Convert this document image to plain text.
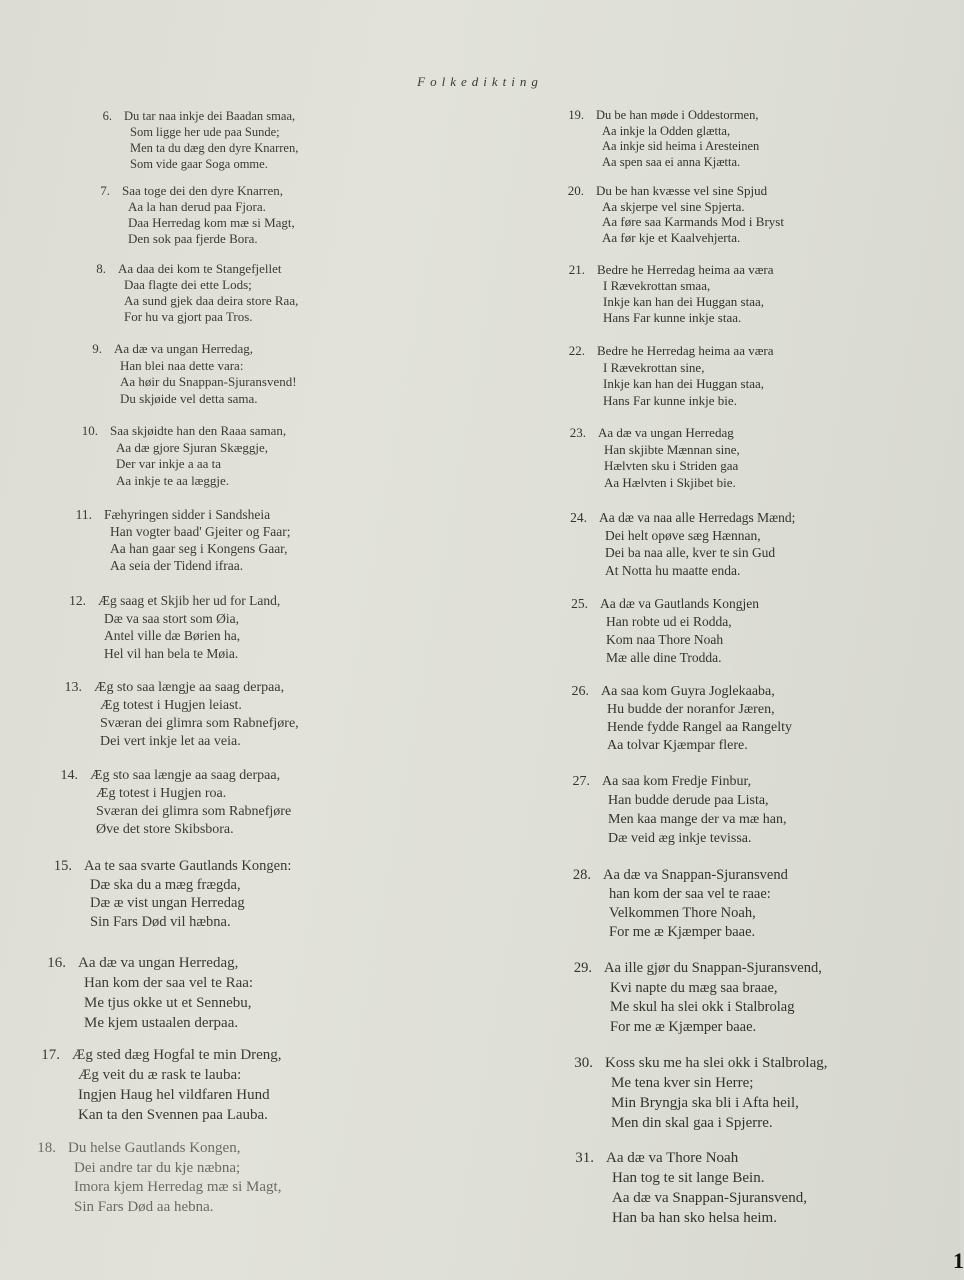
Folkedikting
6. Du tar naa inkje dei Baadan smaa,
Som ligge her ude paa Sunde;
Men ta du dæg den dyre Knarren,
Som vide gaar Soga omme.
7. Saa toge dei den dyre Knarren,
Aa la han derud paa Fjora.
Daa Herredag kom mæ si Magt,
Den sok paa fjerde Bora.
8. Aa daa dei kom te Stangefjellet
Daa flagte dei ette Lods;
Aa sund gjek daa deira store Raa,
For hu va gjort paa Tros.
9. Aa dæ va ungan Herredag,
Han blei naa dette vara:
Aa høir du Snappan-Sjuransvend!
Du skjøide vel detta sama.
10. Saa skjøidte han den Raaa saman,
Aa dæ gjore Sjuran Skæggje,
Der var inkje a aa ta
Aa inkje te aa læggje.
11. Fæhyringen sidder i Sandsheia
Han vogter baad' Gjeiter og Faar;
Aa han gaar seg i Kongens Gaar,
Aa seia der Tidend ifraa.
12. Æg saag et Skjib her ud for Land,
Dæ va saa stort som Øia,
Antel ville dæ Børien ha,
Hel vil han bela te Møia.
13. Æg sto saa længje aa saag derpaa,
Æg totest i Hugjen leiast.
Sværan dei glimra som Rabnefjøre,
Dei vert inkje let aa veia.
14. Æg sto saa længje aa saag derpaa,
Æg totest i Hugjen roa.
Sværan dei glimra som Rabnefjøre
Øve det store Skibsbora.
15. Aa te saa svarte Gautlands Kongen:
Dæ ska du a mæg frægda,
Dæ æ vist ungan Herredag
Sin Fars Død vil hæbna.
16. Aa dæ va ungan Herredag,
Han kom der saa vel te Raa:
Me tjus okke ut et Sennebu,
Me kjem ustaalen derpaa.
17. Æg sted dæg Hogfal te min Dreng,
Æg veit du æ rask te lauba:
Ingjen Haug hel vildfaren Hund
Kan ta den Svennen paa Lauba.
18. Du helse Gautlands Kongen,
Dei andre tar du kje næbna;
Imora kjem Herredag mæ si Magt,
Sin Fars Død aa hebna.
19. Du be han møde i Oddestormen,
Aa inkje la Odden glætta,
Aa inkje sid heima i Aresteinen
Aa spen saa ei anna Kjætta.
20. Du be han kvæsse vel sine Spjud
Aa skjerpe vel sine Spjerta.
Aa føre saa Karmands Mod i Bryst
Aa før kje et Kaalvehjerta.
21. Bedre he Herredag heima aa væra
I Rævekrottan smaa,
Inkje kan han dei Huggan staa,
Hans Far kunne inkje staa.
22. Bedre he Herredag heima aa væra
I Rævekrottan sine,
Inkje kan han dei Huggan staa,
Hans Far kunne inkje bie.
23. Aa dæ va ungan Herredag
Han skjibte Mænnan sine,
Hælvten sku i Striden gaa
Aa Hælvten i Skjibet bie.
24. Aa dæ va naa alle Herredags Mænd;
Dei helt opøve sæg Hænnan,
Dei ba naa alle, kver te sin Gud
At Notta hu maatte enda.
25. Aa dæ va Gautlands Kongjen
Han robte ud ei Rodda,
Kom naa Thore Noah
Mæ alle dine Trodda.
26. Aa saa kom Guyra Joglekaaba,
Hu budde der noranfor Jæren,
Hende fydde Rangel aa Rangelty
Aa tolvar Kjæmpar flere.
27. Aa saa kom Fredje Finbur,
Han budde derude paa Lista,
Men kaa mange der va mæ han,
Dæ veid æg inkje tevissa.
28. Aa dæ va Snappan-Sjuransvend
han kom der saa vel te raae:
Velkommen Thore Noah,
For me æ Kjæmper baae.
29. Aa ille gjør du Snappan-Sjuransvend,
Kvi napte du mæg saa braae,
Me skul ha slei okk i Stalbrolag
For me æ Kjæmper baae.
30. Koss sku me ha slei okk i Stalbrolag,
Me tena kver sin Herre;
Min Bryngja ska bli i Afta heil,
Men din skal gaa i Spjerre.
31. Aa dæ va Thore Noah
Han tog te sit lange Bein.
Aa dæ va Snappan-Sjuransvend,
Han ba han sko helsa heim.
1
